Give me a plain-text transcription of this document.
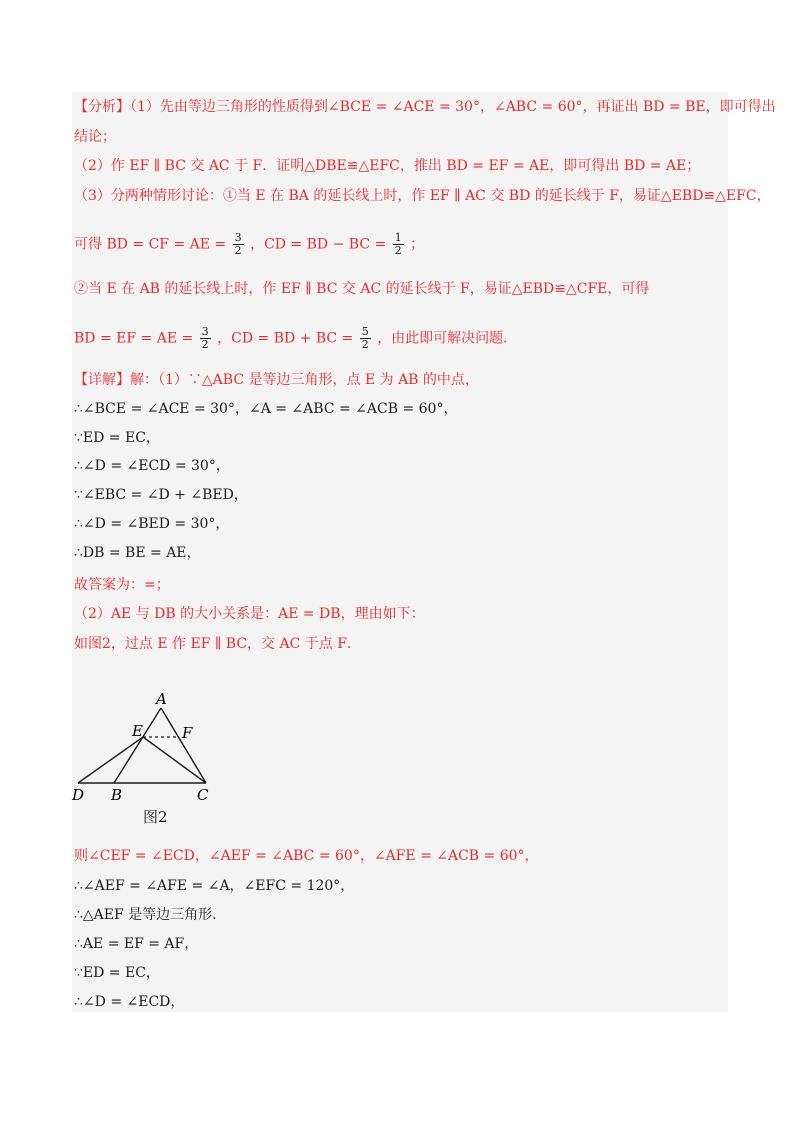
【分析】（1）先由等边三角形的性质得到∠BCE = ∠ACE = 30°，∠ABC = 60°，再证出 BD = BE，即可得出
结论；
（2）作 EF ∥ BC 交 AC 于 F．证明△DBE≌△EFC，推出 BD = EF = AE，即可得出 BD = AE；
（3）分两种情形讨论：①当 E 在 BA 的延长线上时，作 EF ∥ AC 交 BD 的延长线于 F，易证△EBD≌△EFC，
可得 BD = CF = AE = $\frac{3}{2}$ ，CD = BD − BC = $\frac{1}{2}$ ；
②当 E 在 AB 的延长线上时，作 EF ∥ BC 交 AC 的延长线于 F，易证△EBD≌△CFE，可得
BD = EF = AE = $\frac{3}{2}$ ，CD = BD + BC = $\frac{5}{2}$ ，由此即可解决问题．
【详解】解：（1）∵△ABC 是等边三角形，点 E 为 AB 的中点，
∴∠BCE = ∠ACE = 30°，∠A = ∠ABC = ∠ACB = 60°，
∵ED = EC，
∴∠D = ∠ECD = 30°，
∵∠EBC = ∠D + ∠BED，
∴∠D = ∠BED = 30°，
∴DB = BE = AE，
故答案为：=；
（2）AE 与 DB 的大小关系是：AE = DB，理由如下：
如图2，过点 E 作 EF ∥ BC，交 AC 于点 F．
A
E	F
D B	C
图2
则∠CEF = ∠ECD，∠AEF = ∠ABC = 60°，∠AFE = ∠ACB = 60°，
∴∠AEF = ∠AFE = ∠A，∠EFC = 120°，
∴△AEF 是等边三角形．
∴AE = EF = AF，
∵ED = EC，
∴∠D = ∠ECD，
